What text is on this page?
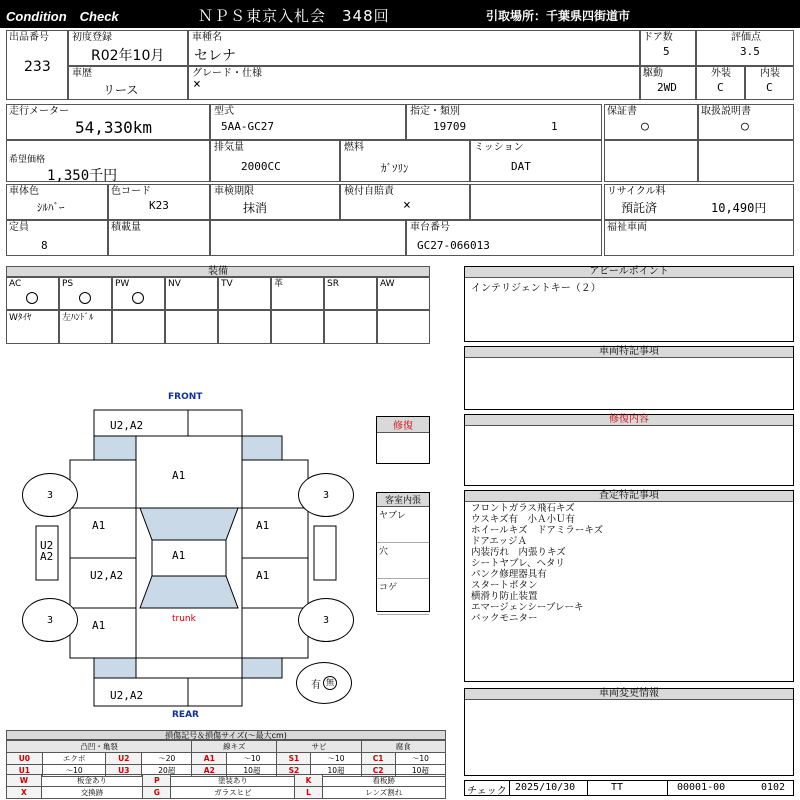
Condition　Check	ＮＰＳ東京入札会　348回	引取場所：千葉県四街道市
出品番号
233
初度登録
R02年10月
車種名
セレナ
ドア数
5
評価点
3.5
車歴
リース
グレード・仕様
×
駆動
2WD
外装
C
内装
C
走行メーター
54,330km
型式
5AA-GC27
指定・類別
19709	1
保証書
○
取扱説明書
○
希望価格
1,350千円
排気量
2000CC
燃料
ｶﾞｿﾘﾝ
ミッション
DAT
車体色
ｼﾙﾊﾞｰ
色コード
K23
車検期限
抹消
検付自賠責
×
リサイクル料
預託済	10,490円
定員
8
積載量	車台番号
GC27-066013
福祉車両
装備
AC	PS	PW	NV	TV	革	SR	AW
Wﾀｲﾔ	左ﾊﾝﾄﾞﾙ
FRONT
REAR
U2,A2
A1
A1	A1
A1
U2,A2	A1
A1
U2,A2
U2
A2
trunk
3	3
3	3
有 無
修復
客室内張
ヤブレ
穴
コゲ
アピールポイント
インテリジェントキー（２）
車両特記事項
修復内容
査定特記事項
フロントガラス飛石キズ
ウスキズ有　小Ａ小Ｕ有
ホイールキズ　ドアミラーキズ
ドアエッジＡ
内装汚れ　内張りキズ
シートヤブレ、ヘタリ
パンク修理器具有
スタートボタン
横滑り防止装置
エマージェンシーブレーキ
バックモニター
車両変更情報
チェック 2025/10/30	TT	00001-00	0102
損傷記号＆損傷サイズ(〜最大cm)
凸凹・亀裂				線キズ		サビ		腐食	
U0	エクボ	U2	〜20	A1	〜10	S1	〜10	C1	〜10
U1	〜10	U3	20超	A2	10超	S2	10超	C2	10超
W	板金あり	P	塗装あり	K	看板跡
X	交換跡	G	ガラスヒビ	L	レンズ割れ
